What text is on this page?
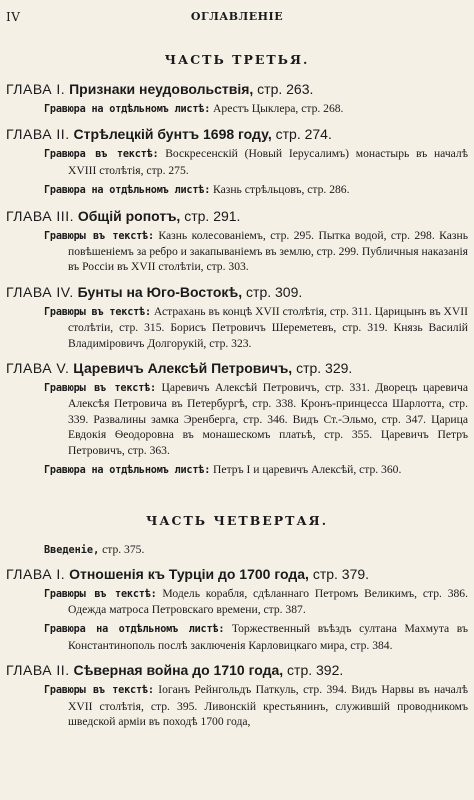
IV	ОГЛАВЛЕНIЕ
ЧАСТЬ ТРЕТЬЯ.
ГЛАВА I. Признаки неудовольствiя, стр. 263.
Гравюра на отдѣльномъ листѣ: Арестъ Цыклера, стр. 268.
ГЛАВА II. Стрѣлецкiй бунтъ 1698 году, стр. 274.
Гравюра въ текстѣ: Воскресенскiй (Новый Iерусалимъ) монастырь въ началѣ XVIII столѣтiя, стр. 275.
Гравюра на отдѣльномъ листѣ: Казнь стрѣльцовъ, стр. 286.
ГЛАВА III. Общiй ропотъ, стр. 291.
Гравюры въ текстѣ: Казнь колесованiемъ, стр. 295. Пытка водой, стр. 298. Казнь повѣшенiемъ за ребро и закапыванiемъ въ землю, стр. 299. Публичныя наказанiя въ Россiи въ XVII столѣтiи, стр. 303.
ГЛАВА IV. Бунты на Юго-Востокѣ, стр. 309.
Гравюры въ текстѣ: Астрахань въ концѣ XVII столѣтiя, стр. 311. Царицынъ въ XVII столѣтiи, стр. 315. Борисъ Петровичъ Шереметевъ, стр. 319. Князь Василiй Владимiровичъ Долгорукiй, стр. 323.
ГЛАВА V. Царевичъ Алексѣй Петровичъ, стр. 329.
Гравюры въ текстѣ: Царевичъ Алексѣй Петровичъ, стр. 331. Дворецъ царевича Алексѣя Петровича въ Петербургѣ, стр. 338. Кронъ-принцесса Шарлотта, стр. 339. Развалины замка Эренберга, стр. 346. Видъ Ст.-Эльмо, стр. 347. Царица Евдокiя Ѳеодоровна въ монашескомъ платьѣ, стр. 355. Царевичъ Петръ Петровичъ, стр. 363.
Гравюра на отдѣльномъ листѣ: Петръ I и царевичъ Алексѣй, стр. 360.
ЧАСТЬ ЧЕТВЕРТАЯ.
Введенiе, стр. 375.
ГЛАВА I. Отношенiя къ Турцiи до 1700 года, стр. 379.
Гравюры въ текстѣ: Модель корабля, сдѣланнаго Петромъ Великимъ, стр. 386. Одежда матроса Петровскаго времени, стр. 387.
Гравюра на отдѣльномъ листѣ: Торжественный въѣздъ султана Махмута въ Константинополь послѣ заключенiя Карловицкаго мира, стр. 384.
ГЛАВА II. Сѣверная война до 1710 года, стр. 392.
Гравюры въ текстѣ: Iоганъ Рейнгольдъ Паткуль, стр. 394. Видъ Нарвы въ началѣ XVII столѣтiя, стр. 395. Ливонскiй крестьянинъ, служившiй проводникомъ шведской армiи въ походѣ 1700 года,
